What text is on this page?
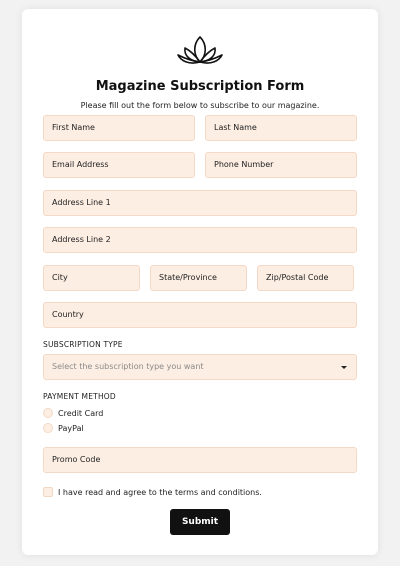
Magazine Subscription Form
Please fill out the form below to subscribe to our magazine.
First Name	Last Name
Email Address	Phone Number
Address Line 1
Address Line 2
City	State/Province	Zip/Postal Code
Country
SUBSCRIPTION TYPE
Select the subscription type you want
PAYMENT METHOD
Credit Card
PayPal
Promo Code
I have read and agree to the terms and conditions.
Submit
